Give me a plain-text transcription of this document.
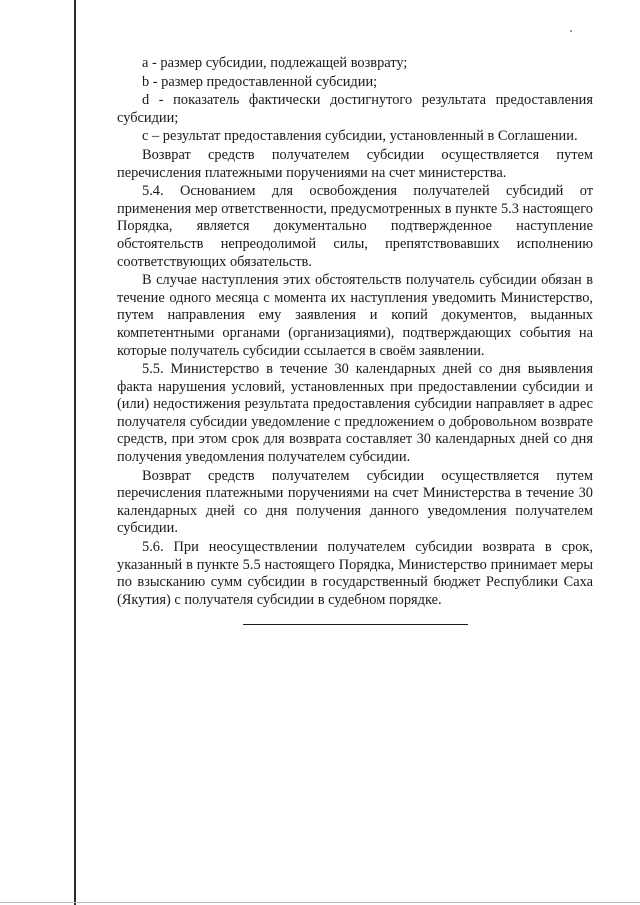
а - размер субсидии, подлежащей возврату;

b - размер предоставленной субсидии;

d - показатель фактически достигнутого результата предоставления субсидии;

c – результат предоставления субсидии, установленный в Соглашении.

Возврат средств получателем субсидии осуществляется путем перечисления платежными поручениями на счет министерства.

5.4. Основанием для освобождения получателей субсидий от применения мер ответственности, предусмотренных в пункте 5.3 настоящего Порядка, является документально подтвержденное наступление обстоятельств непреодолимой силы, препятствовавших исполнению соответствующих обязательств.

В случае наступления этих обстоятельств получатель субсидии обязан в течение одного месяца с момента их наступления уведомить Министерство, путем направления ему заявления и копий документов, выданных компетентными органами (организациями), подтверждающих события на которые получатель субсидии ссылается в своём заявлении.

5.5. Министерство в течение 30 календарных дней со дня выявления факта нарушения условий, установленных при предоставлении субсидии и (или) недостижения результата предоставления субсидии направляет в адрес получателя субсидии уведомление с предложением о добровольном возврате средств, при этом срок для возврата составляет 30 календарных дней со дня получения уведомления получателем субсидии.

Возврат средств получателем субсидии осуществляется путем перечисления платежными поручениями на счет Министерства в течение 30 календарных дней со дня получения данного уведомления получателем субсидии.

5.6. При неосуществлении получателем субсидии возврата в срок, указанный в пункте 5.5 настоящего Порядка, Министерство принимает меры по взысканию сумм субсидии в государственный бюджет Республики Саха (Якутия) с получателя субсидии в судебном порядке.
